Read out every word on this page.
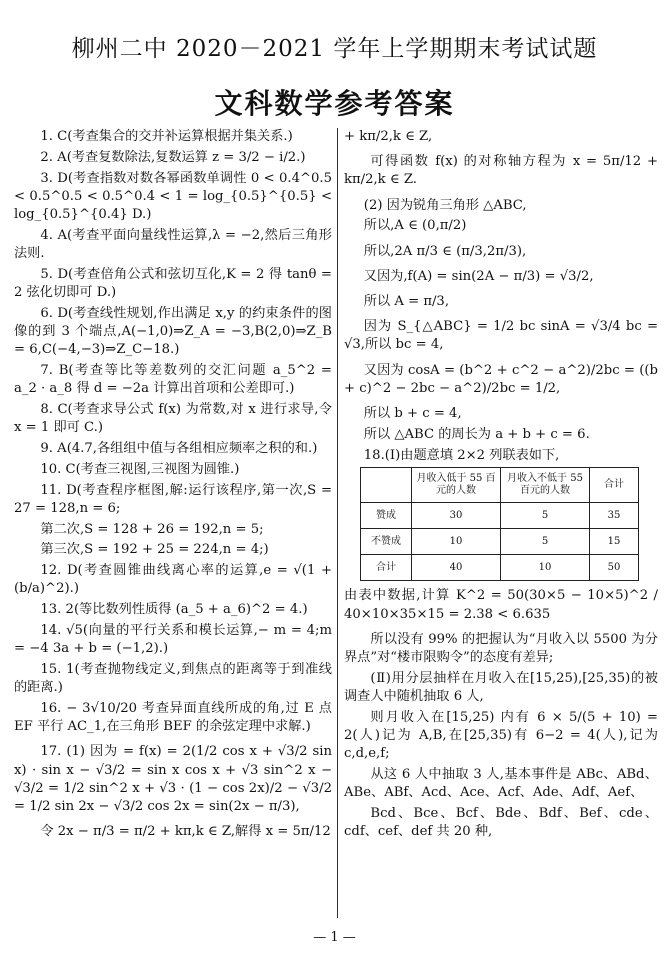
柳州二中 2020－2021 学年上学期期末考试试题
文科数学参考答案

1. C(考查集合的交并补运算根据并集关系.)

2. A(考查复数除法,复数运算 z = 3/2 − i/2.)

3. D(考查指数对数各幂函数单调性 0 < 0.4^0.5 < 0.5^0.5 < 0.5^0.4 < 1 = log_{0.5}^{0.5} < log_{0.5}^{0.4} D.)

4. A(考查平面向量线性运算,λ = −2,然后三角形法则.

5. D(考查倍角公式和弦切互化,K = 2 得 tanθ = 2 弦化切即可 D.)

6. D(考查线性规划,作出满足 x,y 的约束条件的图像的到 3 个端点,A(−1,0)⇒Z_A = −3,B(2,0)⇒Z_B = 6,C(−4,−3)⇒Z_C−18.)

7. B(考查等比等差数列的交汇问题 a_5^2 = a_2 · a_8 得 d = −2a 计算出首项和公差即可.)

8. C(考查求导公式 f(x) 为常数,对 x 进行求导,令 x = 1 即可 C.)

9. A(4.7,各组组中值与各组相应频率之积的和.)

10. C(考查三视图,三视图为圆锥.)

11. D(考查程序框图,解:运行该程序,第一次,S = 27 = 128,n = 6;

第二次,S = 128 + 26 = 192,n = 5;

第三次,S = 192 + 25 = 224,n = 4;)

12. D(考查圆锥曲线离心率的运算,e = √(1 + (b/a)^2).)

13. 2(等比数列性质得 (a_5 + a_6)^2 = 4.)

14. √5(向量的平行关系和模长运算,− m = 4;m = −4 3a + b = (−1,2).)

15. 1(考查抛物线定义,到焦点的距离等于到准线的距离.)

16. − 3√10/20 考查异面直线所成的角,过 E 点 EF 平行 AC_1,在三角形 BEF 的余弦定理中求解.)

17. (1) 因为 = f(x) = 2(1/2 cos x + √3/2 sin x) · sin x − √3/2 = sin x cos x + √3 sin^2 x − √3/2 = 1/2 sin^2 x + √3 · (1 − cos 2x)/2 − √3/2 = 1/2 sin 2x − √3/2 cos 2x = sin(2x − π/3),

令 2x − π/3 = π/2 + kπ,k ∈ Z,解得 x = 5π/12

+ kπ/2,k ∈ Z,

可得函数 f(x) 的对称轴方程为 x = 5π/12 + kπ/2,k ∈ Z.

(2) 因为锐角三角形 △ABC,

所以,A ∈ (0,π/2)

所以,2A π/3 ∈ (π/3,2π/3),

又因为,f(A) = sin(2A − π/3) = √3/2,

所以 A = π/3,

因为 S_{△ABC} = 1/2 bc sinA = √3/4 bc = √3,所以 bc = 4,

又因为 cosA = (b^2 + c^2 − a^2)/2bc = ((b + c)^2 − 2bc − a^2)/2bc = 1/2,

所以 b + c = 4,

所以 △ABC 的周长为 a + b + c = 6.

18.(Ⅰ)由题意填 2×2 列联表如下,

	月收入低于 55 百元的人数	月收入不低于 55 百元的人数	合计
赞成	30	5	35
不赞成	10	5	15
合计	40	10	50

由表中数据,计算 K^2 = 50(30×5 − 10×5)^2 / 40×10×35×15 = 2.38 < 6.635

所以没有 99% 的把握认为“月收入以 5500 为分界点”对“楼市限购令”的态度有差异;

(Ⅱ)用分层抽样在月收入在[15,25),[25,35)的被调查人中随机抽取 6 人,

则月收入在[15,25) 内有 6 × 5/(5 + 10) = 2(人)记为 A,B,在[25,35)有 6−2 = 4(人),记为 c,d,e,f;

从这 6 人中抽取 3 人,基本事件是 ABc、ABd、ABe、ABf、Acd、Ace、Acf、Ade、Adf、Aef、

Bcd、Bce、Bcf、Bde、Bdf、Bef、cde、cdf、cef、def 共 20 种,

— 1 —
